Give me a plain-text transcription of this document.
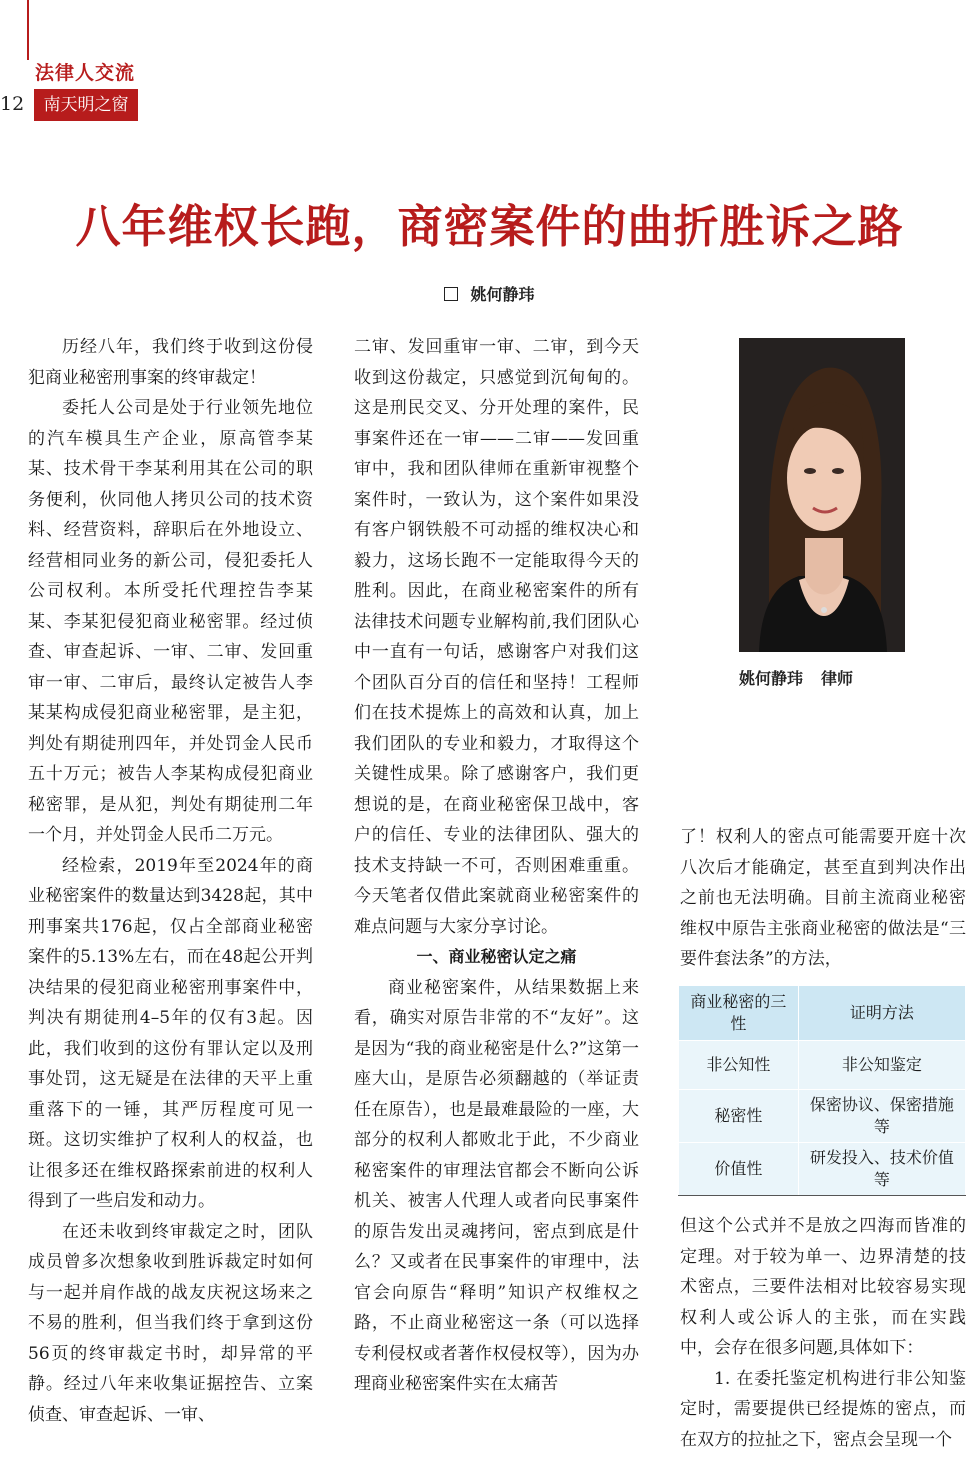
法律人交流
12	南天明之窗
八年维权长跑，商密案件的曲折胜诉之路
姚何静玮

历经八年，我们终于收到这份侵犯商业秘密刑事案的终审裁定！

委托人公司是处于行业领先地位的汽车模具生产企业，原高管李某某、技术骨干李某利用其在公司的职务便利，伙同他人拷贝公司的技术资料、经营资料，辞职后在外地设立、经营相同业务的新公司，侵犯委托人公司权利。本所受托代理控告李某某、李某犯侵犯商业秘密罪。经过侦查、审查起诉、一审、二审、发回重审一审、二审后，最终认定被告人李某某构成侵犯商业秘密罪，是主犯，判处有期徒刑四年，并处罚金人民币五十万元；被告人李某构成侵犯商业秘密罪，是从犯，判处有期徒刑二年一个月，并处罚金人民币二万元。

经检索，2019年至2024年的商业秘密案件的数量达到3428起，其中刑事案共176起，仅占全部商业秘密案件的5.13%左右，而在48起公开判决结果的侵犯商业秘密刑事案件中，判决有期徒刑4–5年的仅有3起。因此，我们收到的这份有罪认定以及刑事处罚，这无疑是在法律的天平上重重落下的一锤，其严厉程度可见一斑。这切实维护了权利人的权益，也让很多还在维权路探索前进的权利人得到了一些启发和动力。

在还未收到终审裁定之时，团队成员曾多次想象收到胜诉裁定时如何与一起并肩作战的战友庆祝这场来之不易的胜利，但当我们终于拿到这份56页的终审裁定书时，却异常的平静。经过八年来收集证据控告、立案侦查、审查起诉、一审、

二审、发回重审一审、二审，到今天收到这份裁定，只感觉到沉甸甸的。这是刑民交叉、分开处理的案件，民事案件还在一审——二审——发回重审中，我和团队律师在重新审视整个案件时，一致认为，这个案件如果没有客户钢铁般不可动摇的维权决心和毅力，这场长跑不一定能取得今天的胜利。因此，在商业秘密案件的所有法律技术问题专业解构前,我们团队心中一直有一句话，感谢客户对我们这个团队百分百的信任和坚持！工程师们在技术提炼上的高效和认真，加上我们团队的专业和毅力，才取得这个关键性成果。除了感谢客户，我们更想说的是，在商业秘密保卫战中，客户的信任、专业的法律团队、强大的技术支持缺一不可，否则困难重重。今天笔者仅借此案就商业秘密案件的难点问题与大家分享讨论。

一、商业秘密认定之痛

商业秘密案件，从结果数据上来看，确实对原告非常的不“友好”。这是因为“我的商业秘密是什么?”这第一座大山，是原告必须翻越的（举证责任在原告），也是最难最险的一座，大部分的权利人都败北于此，不少商业秘密案件的审理法官都会不断向公诉机关、被害人代理人或者向民事案件的原告发出灵魂拷问，密点到底是什么？又或者在民事案件的审理中，法官会向原告“释明”知识产权维权之路，不止商业秘密这一条（可以选择专利侵权或者著作权侵权等），因为办理商业秘密案件实在太痛苦

姚何静玮 律师

了！权利人的密点可能需要开庭十次八次后才能确定，甚至直到判决作出之前也无法明确。目前主流商业秘密维权中原告主张商业秘密的做法是“三要件套法条”的方法，

商业秘密的三性	证明方法
非公知性	非公知鉴定
秘密性	保密协议、保密措施等
价值性	研发投入、技术价值等

但这个公式并不是放之四海而皆准的定理。对于较为单一、边界清楚的技术密点，三要件法相对比较容易实现权利人或公诉人的主张，而在实践中，会存在很多问题,具体如下：

1. 在委托鉴定机构进行非公知鉴定时，需要提供已经提炼的密点，而在双方的拉扯之下，密点会呈现一个
